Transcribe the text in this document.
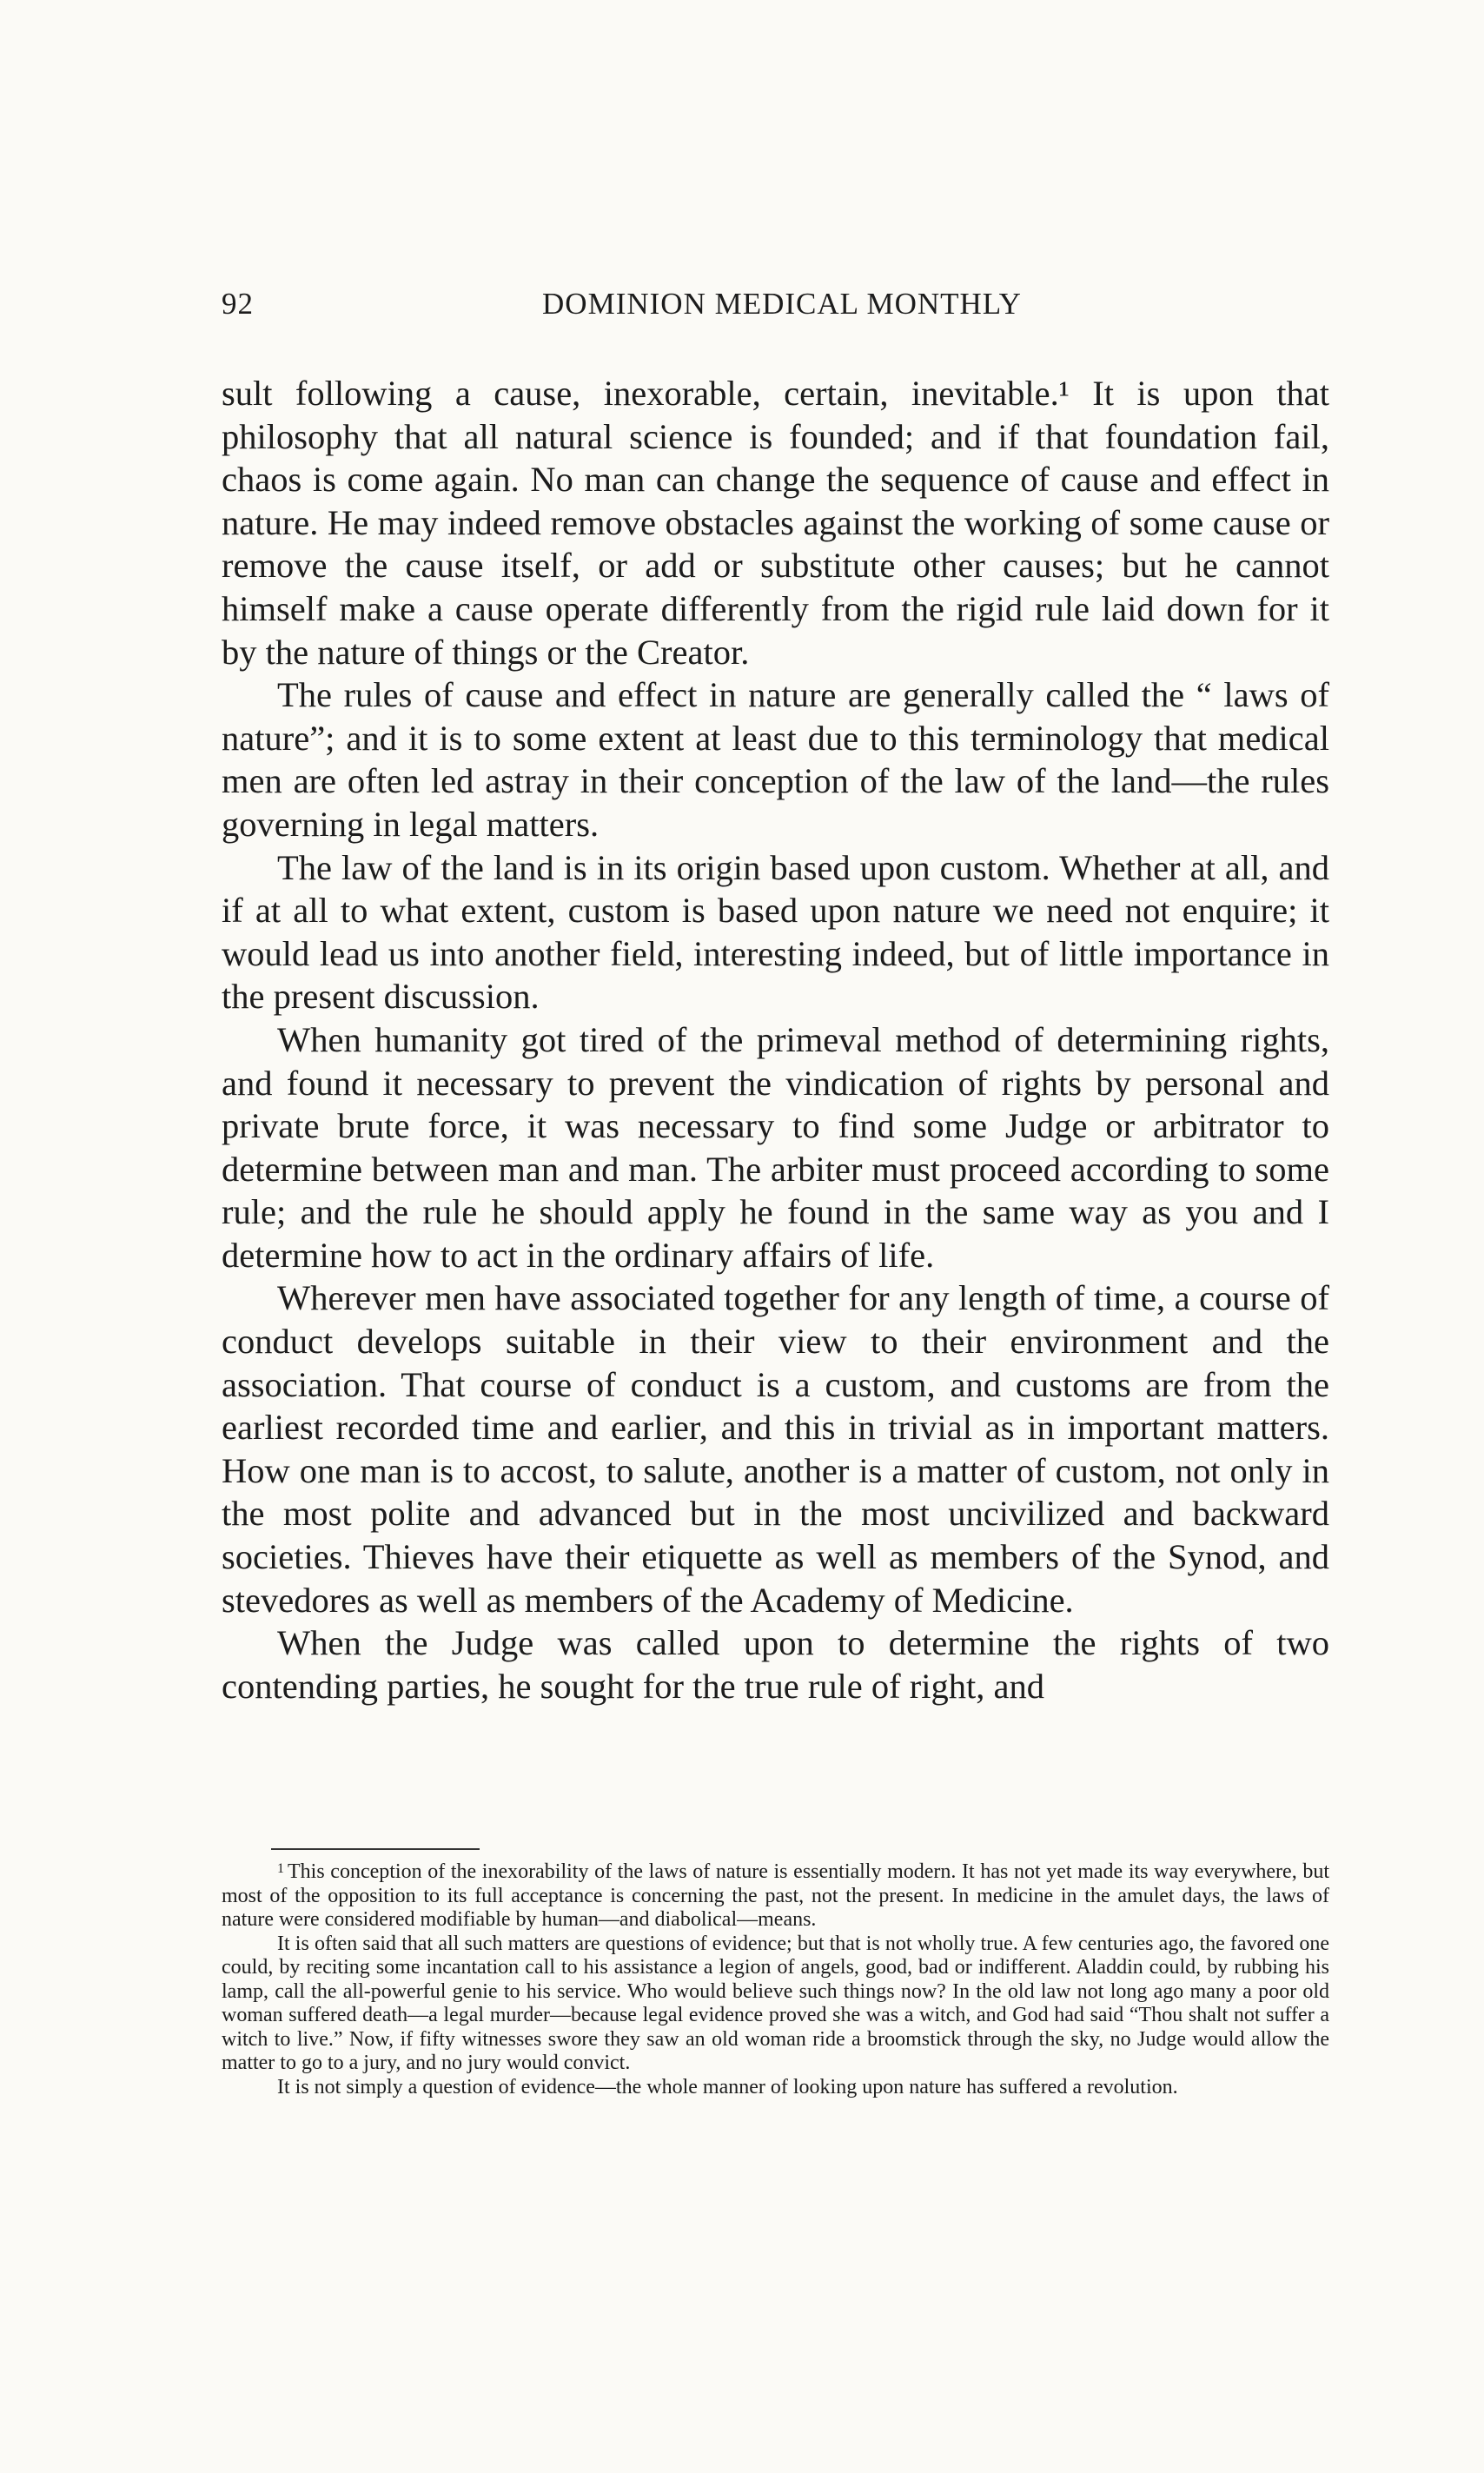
92	DOMINION MEDICAL MONTHLY

sult following a cause, inexorable, certain, inevitable.¹ It is upon that philosophy that all natural science is founded; and if that foundation fail, chaos is come again. No man can change the sequence of cause and effect in nature. He may indeed remove obstacles against the working of some cause or remove the cause itself, or add or substitute other causes; but he cannot himself make a cause operate differently from the rigid rule laid down for it by the nature of things or the Creator.

The rules of cause and effect in nature are generally called the “ laws of nature”; and it is to some extent at least due to this terminology that medical men are often led astray in their conception of the law of the land—the rules governing in legal matters.

The law of the land is in its origin based upon custom. Whether at all, and if at all to what extent, custom is based upon nature we need not enquire; it would lead us into another field, interesting indeed, but of little importance in the present discussion.

When humanity got tired of the primeval method of determining rights, and found it necessary to prevent the vindication of rights by personal and private brute force, it was necessary to find some Judge or arbitrator to determine between man and man. The arbiter must proceed according to some rule; and the rule he should apply he found in the same way as you and I determine how to act in the ordinary affairs of life.

Wherever men have associated together for any length of time, a course of conduct develops suitable in their view to their environment and the association. That course of conduct is a custom, and customs are from the earliest recorded time and earlier, and this in trivial as in important matters. How one man is to accost, to salute, another is a matter of custom, not only in the most polite and advanced but in the most uncivilized and backward societies. Thieves have their etiquette as well as members of the Synod, and stevedores as well as members of the Academy of Medicine.

When the Judge was called upon to determine the rights of two contending parties, he sought for the true rule of right, and

$^1$ This conception of the inexorability of the laws of nature is essentially modern. It has not yet made its way everywhere, but most of the opposition to its full acceptance is concerning the past, not the present. In medicine in the amulet days, the laws of nature were considered modifiable by human—and diabolical—means.

It is often said that all such matters are questions of evidence; but that is not wholly true. A few centuries ago, the favored one could, by reciting some incantation call to his assistance a legion of angels, good, bad or indifferent. Aladdin could, by rubbing his lamp, call the all-powerful genie to his service. Who would believe such things now? In the old law not long ago many a poor old woman suffered death—a legal murder—because legal evidence proved she was a witch, and God had said “Thou shalt not suffer a witch to live.” Now, if fifty witnesses swore they saw an old woman ride a broomstick through the sky, no Judge would allow the matter to go to a jury, and no jury would convict.

It is not simply a question of evidence—the whole manner of looking upon nature has suffered a revolution.
